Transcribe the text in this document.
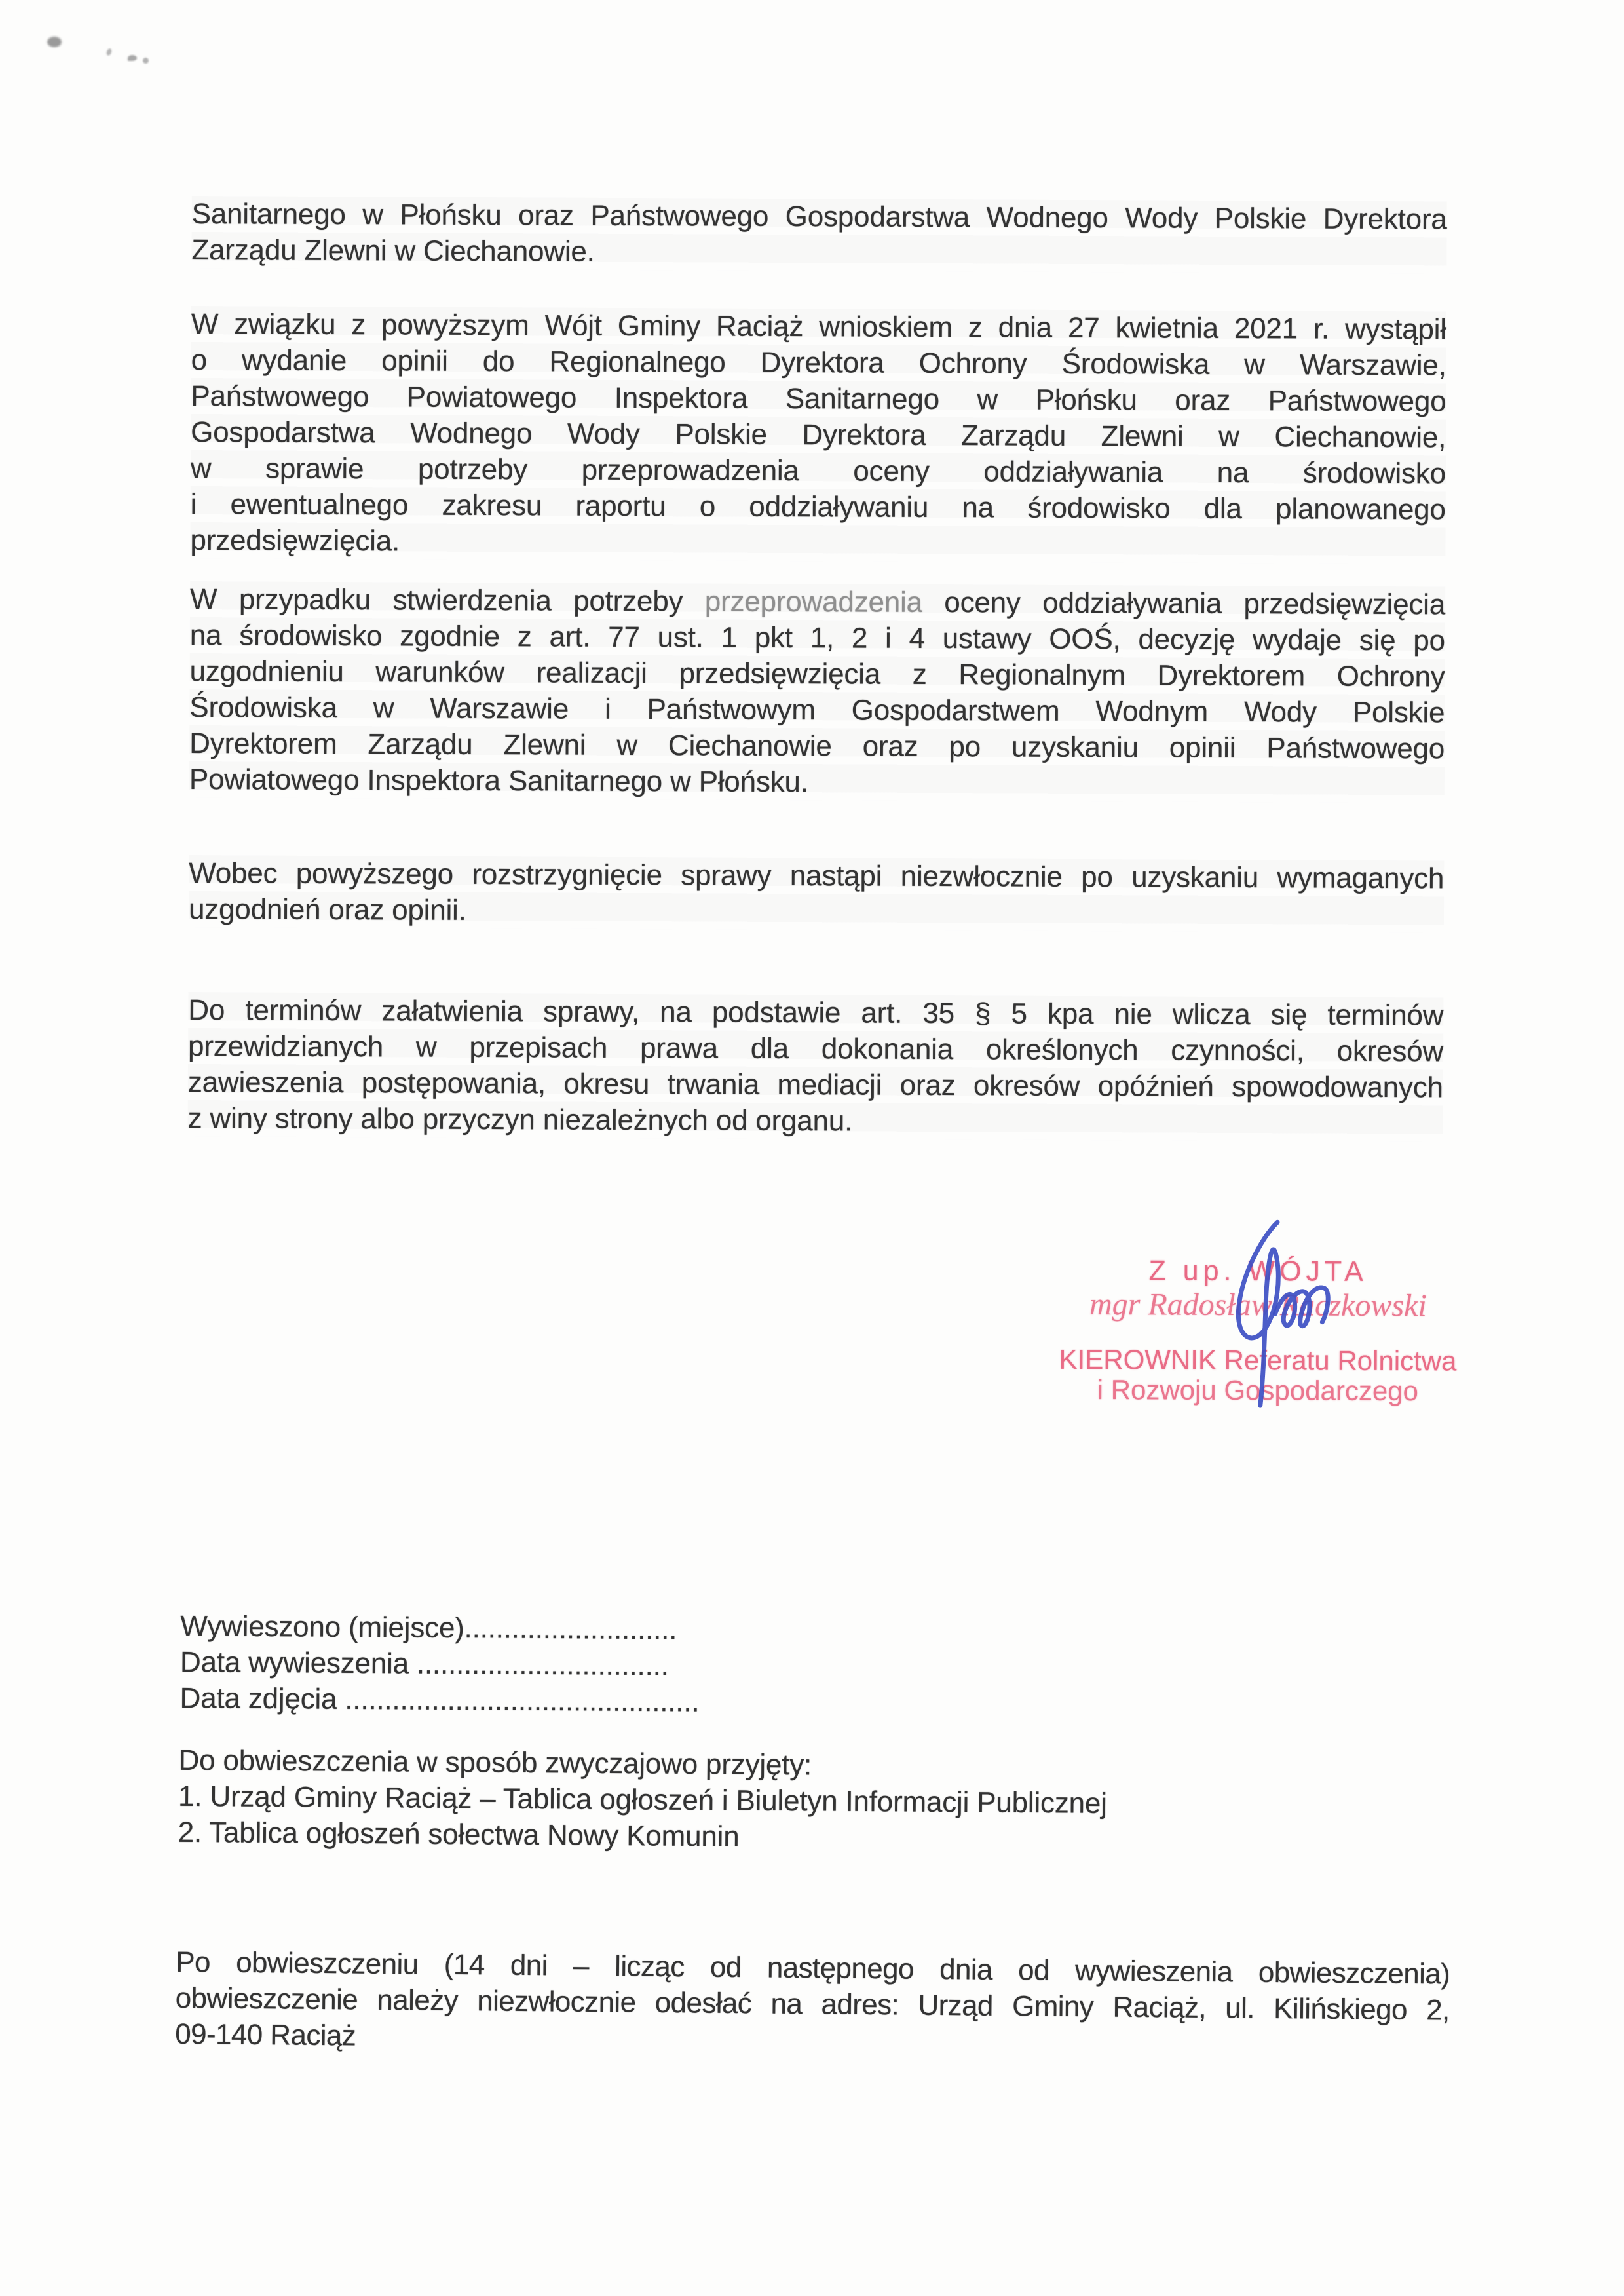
Sanitarnego w Płońsku oraz Państwowego Gospodarstwa Wodnego Wody Polskie Dyrektora
Zarządu Zlewni w Ciechanowie.
W związku z powyższym Wójt Gminy Raciąż wnioskiem z dnia 27 kwietnia 2021 r. wystąpił
o wydanie opinii do Regionalnego Dyrektora Ochrony Środowiska w Warszawie,
Państwowego Powiatowego Inspektora Sanitarnego w Płońsku oraz Państwowego
Gospodarstwa Wodnego Wody Polskie Dyrektora Zarządu Zlewni w Ciechanowie,
w sprawie potrzeby przeprowadzenia oceny oddziaływania na środowisko
i ewentualnego zakresu raportu o oddziaływaniu na środowisko dla planowanego
przedsięwzięcia.
W przypadku stwierdzenia potrzeby przeprowadzenia oceny oddziaływania przedsięwzięcia
na środowisko zgodnie z art. 77 ust. 1 pkt 1, 2 i 4 ustawy OOŚ, decyzję wydaje się po
uzgodnieniu warunków realizacji przedsięwzięcia z Regionalnym Dyrektorem Ochrony
Środowiska w Warszawie i Państwowym Gospodarstwem Wodnym Wody Polskie
Dyrektorem Zarządu Zlewni w Ciechanowie oraz po uzyskaniu opinii Państwowego
Powiatowego Inspektora Sanitarnego w Płońsku.
Wobec powyższego rozstrzygnięcie sprawy nastąpi niezwłocznie po uzyskaniu wymaganych
uzgodnień oraz opinii.
Do terminów załatwienia sprawy, na podstawie art. 35 § 5 kpa nie wlicza się terminów
przewidzianych w przepisach prawa dla dokonania określonych czynności, okresów
zawieszenia postępowania, okresu trwania mediacji oraz okresów opóźnień spowodowanych
z winy strony albo przyczyn niezależnych od organu.
Z up. WÓJTA
mgr Radosław Raczkowski
KIEROWNIK Referatu Rolnictwa
i Rozwoju Gospodarczego
Wywieszono (miejsce)...........................
Data wywieszenia ................................
Data zdjęcia .............................................
Do obwieszczenia w sposób zwyczajowo przyjęty:
1. Urząd Gminy Raciąż – Tablica ogłoszeń i Biuletyn Informacji Publicznej
2. Tablica ogłoszeń sołectwa Nowy Komunin
Po obwieszczeniu (14 dni – licząc od następnego dnia od wywieszenia obwieszczenia)
obwieszczenie należy niezwłocznie odesłać na adres: Urząd Gminy Raciąż, ul. Kilińskiego 2,
09-140 Raciąż
